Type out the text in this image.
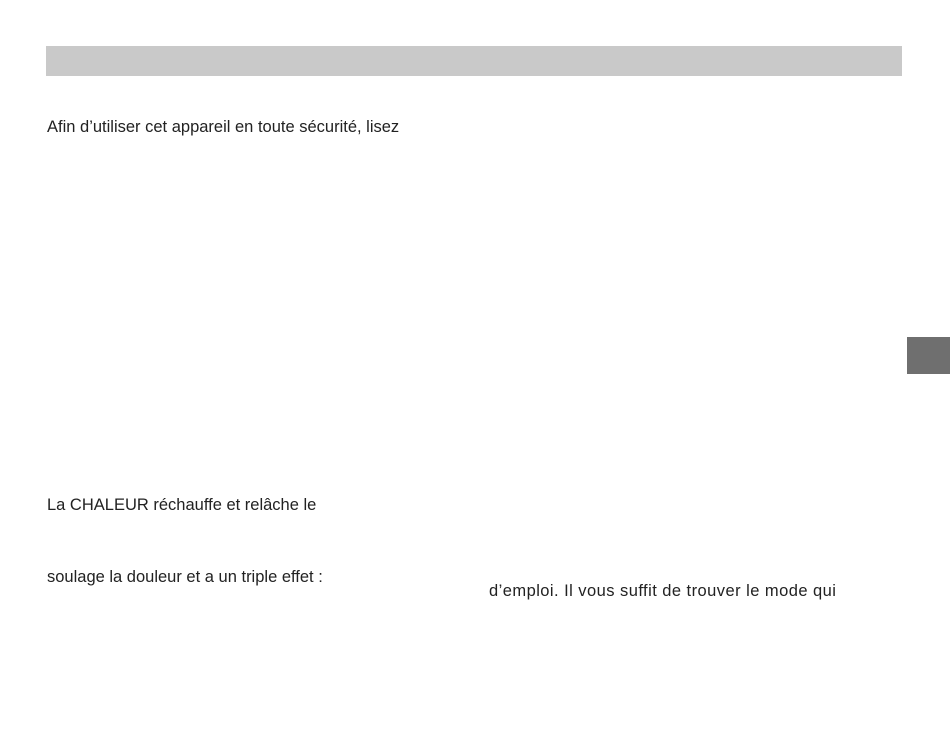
Afin d’utiliser cet appareil en toute sécurité, lisez
La CHALEUR réchauffe et relâche le
soulage la douleur et a un triple effet :
d’emploi. Il vous suffit de trouver le mode qui
